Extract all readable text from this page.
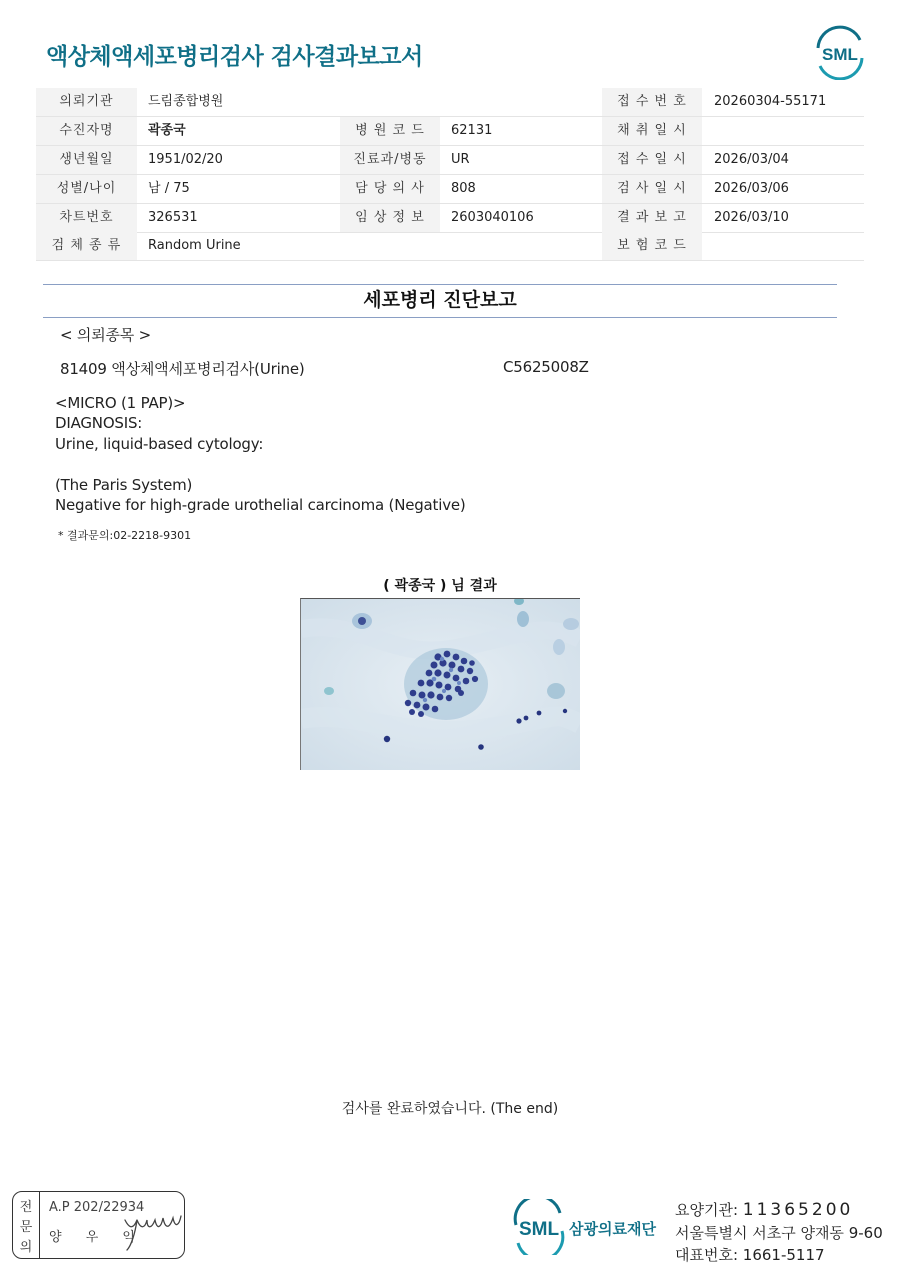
액상체액세포병리검사 검사결과보고서	SML
의뢰기관	드림종합병원	접 수 번 호	20260304-55171
수진자명	곽종국	병 원 코 드	62131	채 취 일 시
생년월일	1951/02/20	진료과/병동	UR	접 수 일 시	2026/03/04
성별/나이	남 / 75	담 당 의 사	808	검 사 일 시	2026/03/06
차트번호	326531	임 상 정 보	2603040106	결 과 보 고	2026/03/10
검 체 종 류	Random Urine	보 험 코 드
세포병리 진단보고
< 의뢰종목 >
81409 액상체액세포병리검사(Urine)	C5625008Z
<MICRO (1 PAP)>
DIAGNOSIS:
Urine, liquid-based cytology:
(The Paris System)
Negative for high-grade urothelial carcinoma (Negative)
* 결과문의:02-2218-9301
( 곽종국 ) 님 결과
검사를 완료하였습니다. (The end)
전
문
의
A.P 202/22934
양 우 익	SML 삼광의료재단
요양기관: 11365200
서울특별시 서초구 양재동 9-60
대표번호: 1661-5117
